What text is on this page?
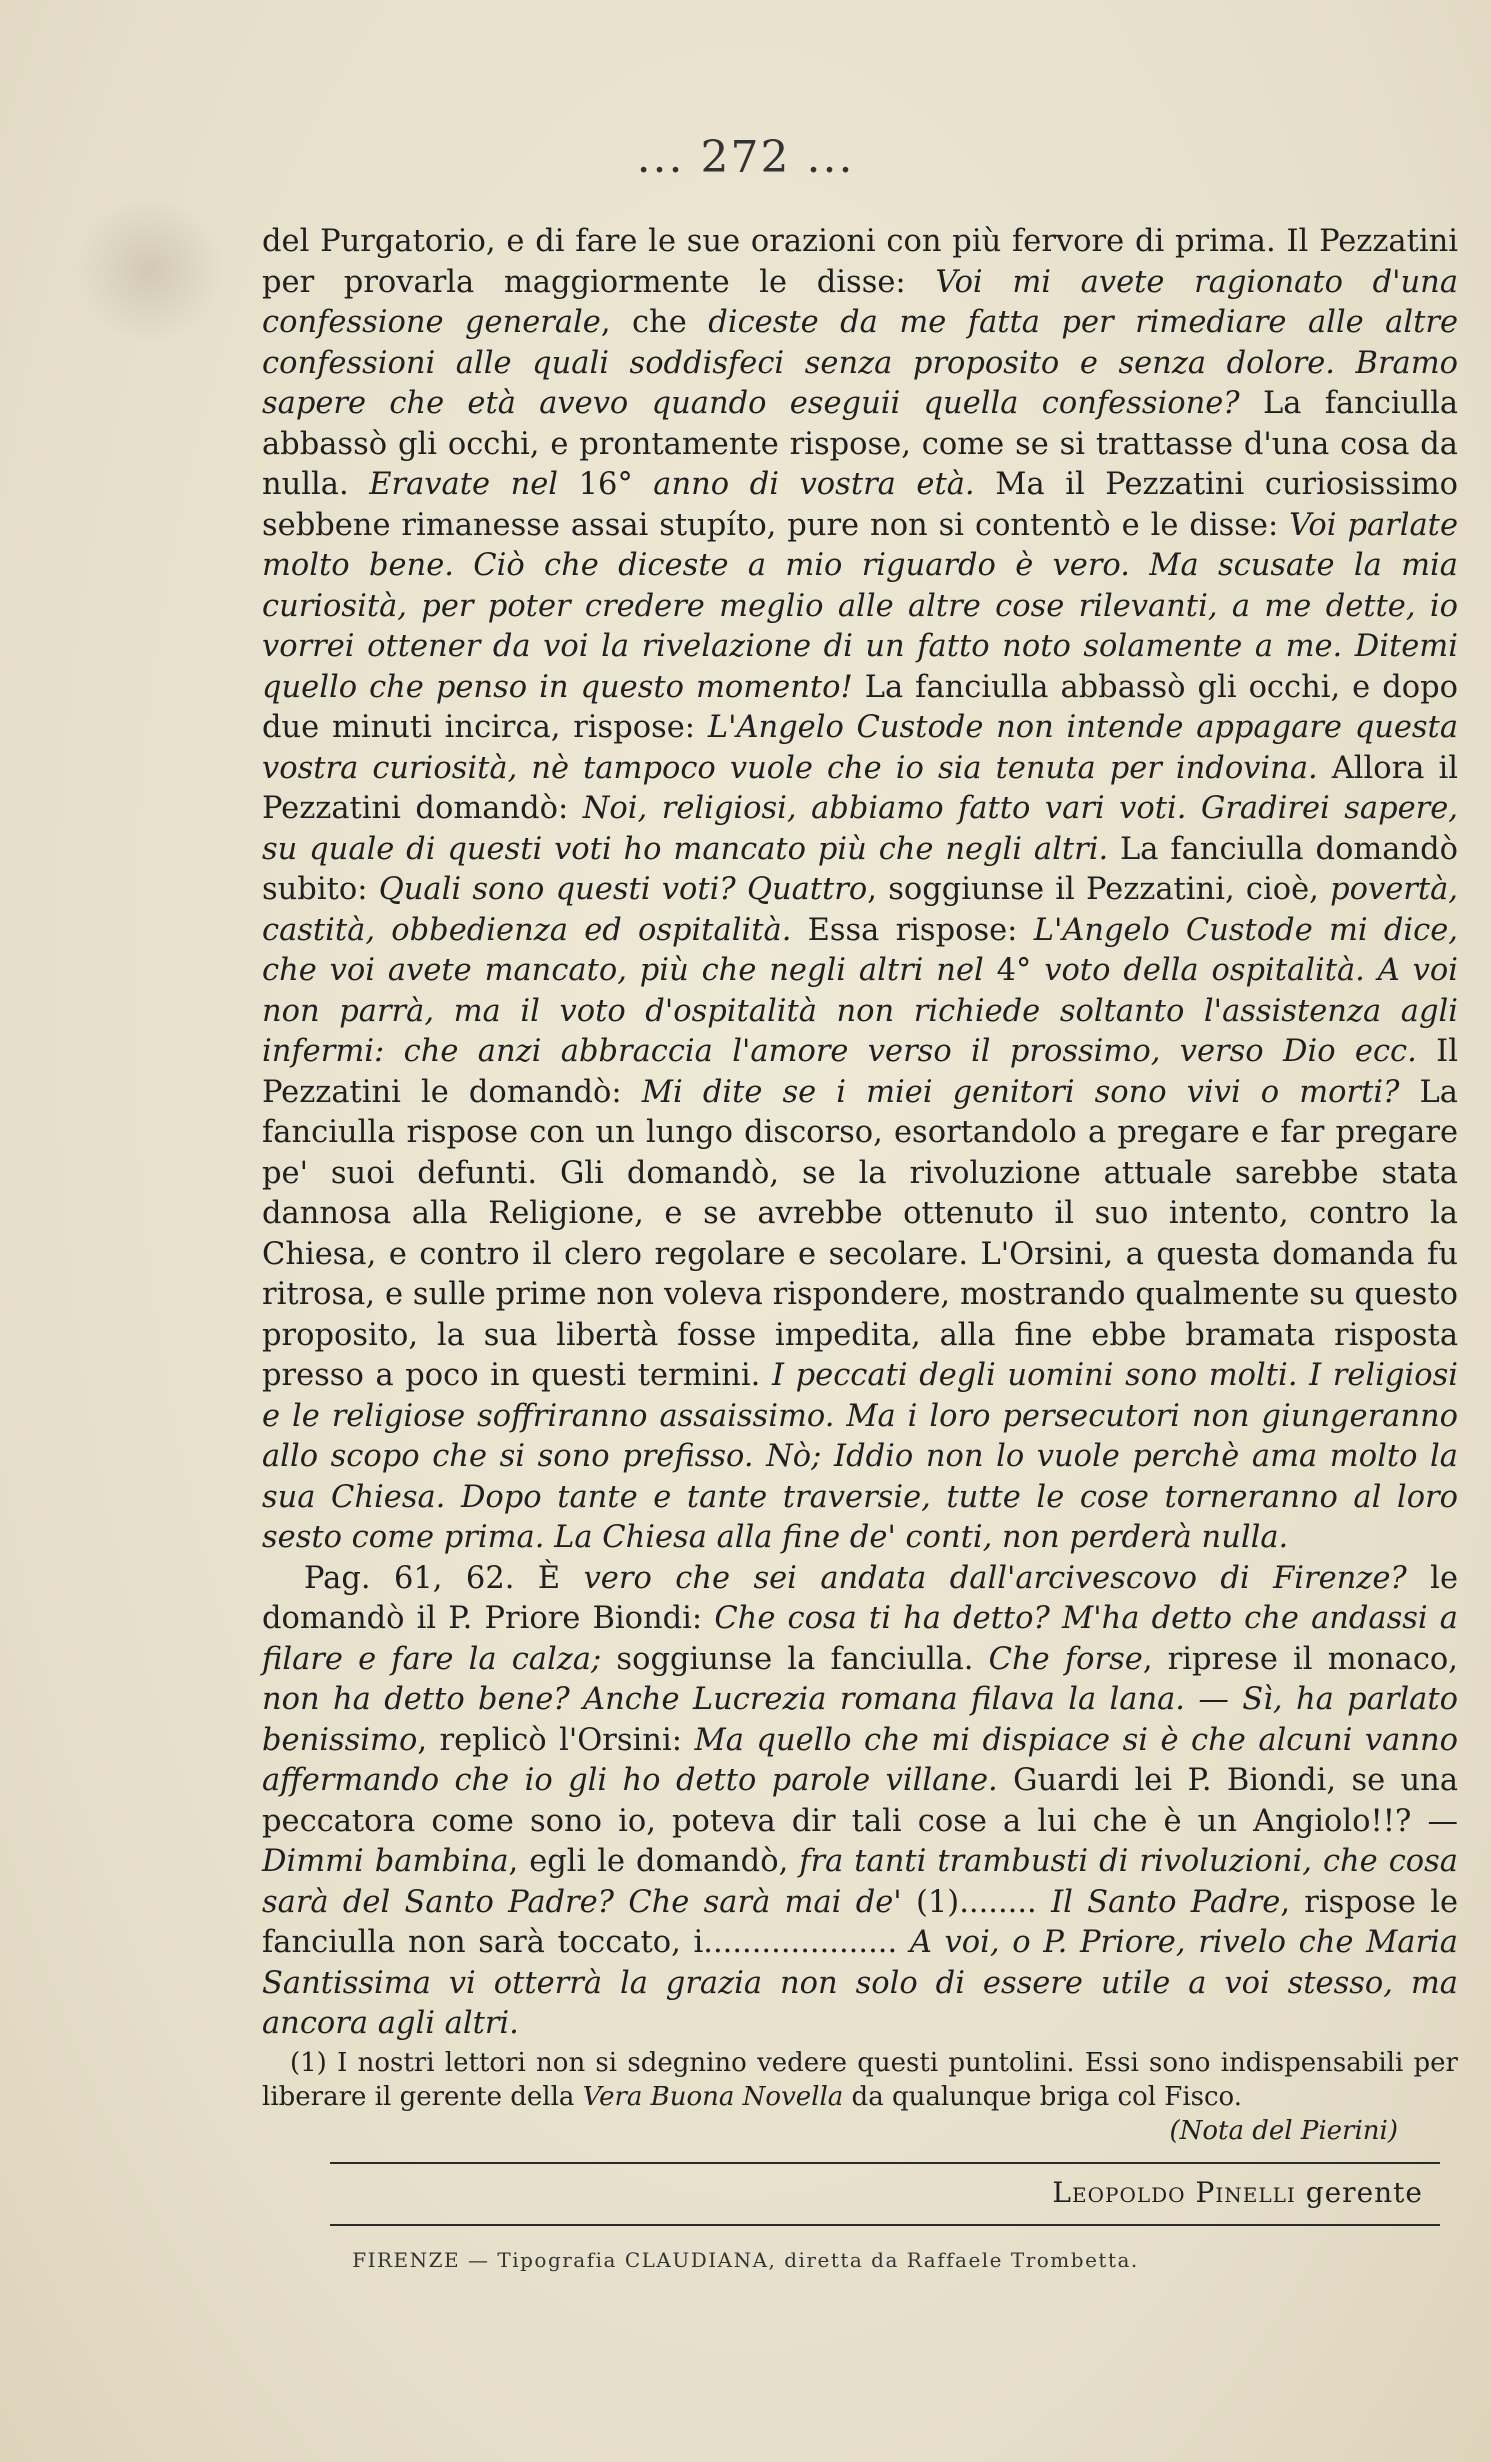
... 272 ...

del Purgatorio, e di fare le sue orazioni con più fervore di prima. Il Pezzatini per provarla maggiormente le disse: Voi mi avete ragionato d'una confessione generale, che diceste da me fatta per rimediare alle altre confessioni alle quali soddisfeci senza proposito e senza dolore. Bramo sapere che età avevo quando eseguii quella confessione? La fanciulla abbassò gli occhi, e prontamente rispose, come se si trattasse d'una cosa da nulla. Eravate nel 16° anno di vostra età. Ma il Pezzatini curiosissimo sebbene rimanesse assai stupíto, pure non si contentò e le disse: Voi parlate molto bene. Ciò che diceste a mio riguardo è vero. Ma scusate la mia curiosità, per poter credere meglio alle altre cose rilevanti, a me dette, io vorrei ottener da voi la rivelazione di un fatto noto solamente a me. Ditemi quello che penso in questo momento! La fanciulla abbassò gli occhi, e dopo due minuti incirca, rispose: L'Angelo Custode non intende appagare questa vostra curiosità, nè tampoco vuole che io sia tenuta per indovina. Allora il Pezzatini domandò: Noi, religiosi, abbiamo fatto vari voti. Gradirei sapere, su quale di questi voti ho mancato più che negli altri. La fanciulla domandò subito: Quali sono questi voti? Quattro, soggiunse il Pezzatini, cioè, povertà, castità, obbedienza ed ospitalità. Essa rispose: L'Angelo Custode mi dice, che voi avete mancato, più che negli altri nel 4° voto della ospitalità. A voi non parrà, ma il voto d'ospitalità non richiede soltanto l'assistenza agli infermi: che anzi abbraccia l'amore verso il prossimo, verso Dio ecc. Il Pezzatini le domandò: Mi dite se i miei genitori sono vivi o morti? La fanciulla rispose con un lungo discorso, esortandolo a pregare e far pregare pe' suoi defunti. Gli domandò, se la rivoluzione attuale sarebbe stata dannosa alla Religione, e se avrebbe ottenuto il suo intento, contro la Chiesa, e contro il clero regolare e secolare. L'Orsini, a questa domanda fu ritrosa, e sulle prime non voleva rispondere, mostrando qualmente su questo proposito, la sua libertà fosse impedita, alla fine ebbe bramata risposta presso a poco in questi termini. I peccati degli uomini sono molti. I religiosi e le religiose soffriranno assaissimo. Ma i loro persecutori non giungeranno allo scopo che si sono prefisso. Nò; Iddio non lo vuole perchè ama molto la sua Chiesa. Dopo tante e tante traversie, tutte le cose torneranno al loro sesto come prima. La Chiesa alla fine de' conti, non perderà nulla.

Pag. 61, 62. È vero che sei andata dall'arcivescovo di Firenze? le domandò il P. Priore Biondi: Che cosa ti ha detto? M'ha detto che andassi a filare e fare la calza; soggiunse la fanciulla. Che forse, riprese il monaco, non ha detto bene? Anche Lucrezia romana filava la lana. — Sì, ha parlato benissimo, replicò l'Orsini: Ma quello che mi dispiace si è che alcuni vanno affermando che io gli ho detto parole villane. Guardi lei P. Biondi, se una peccatora come sono io, poteva dir tali cose a lui che è un Angiolo!!? — Dimmi bambina, egli le domandò, fra tanti trambusti di rivoluzioni, che cosa sarà del Santo Padre? Che sarà mai de' (1)........ Il Santo Padre, rispose le fanciulla non sarà toccato, i.................... A voi, o P. Priore, rivelo che Maria Santissima vi otterrà la grazia non solo di essere utile a voi stesso, ma ancora agli altri.

(1) I nostri lettori non si sdegnino vedere questi puntolini. Essi sono indispensabili per liberare il gerente della Vera Buona Novella da qualunque briga col Fisco.

(Nota del Pierini)
Leopoldo Pinelli gerente
FIRENZE — Tipografia CLAUDIANA, diretta da Raffaele Trombetta.
